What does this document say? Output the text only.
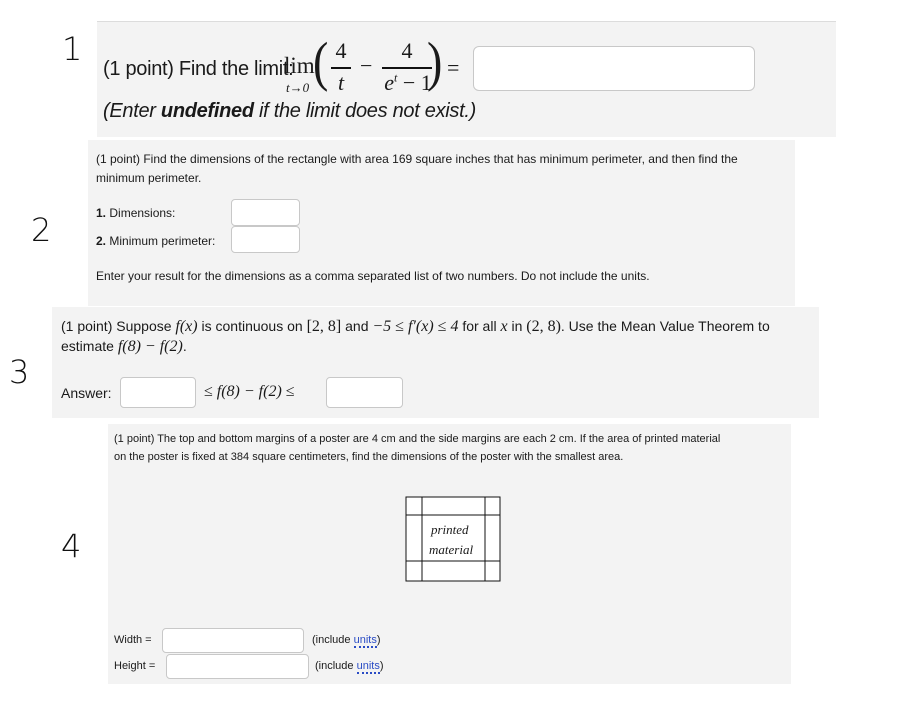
1
2
3
4
(1 point) Find the limit:
lim
t→0 ( 4
t
−
4
$e^t - 1$
) =
(Enter undefined if the limit does not exist.)
(1 point) Find the dimensions of the rectangle with area 169 square inches that has minimum perimeter, and then find the
minimum perimeter.
1. Dimensions:
2. Minimum perimeter:
Enter your result for the dimensions as a comma separated list of two numbers. Do not include the units.
(1 point) Suppose f(x) is continuous on [2, 8] and −5 ≤ f′(x) ≤ 4 for all x in (2, 8). Use the Mean Value Theorem to
estimate f(8) − f(2).
Answer:	≤ f(8) − f(2) ≤
(1 point) The top and bottom margins of a poster are 4 cm and the side margins are each 2 cm. If the area of printed material
on the poster is fixed at 384 square centimeters, find the dimensions of the poster with the smallest area.
printed
material
Width =	(include units)
Height =	(include units)
